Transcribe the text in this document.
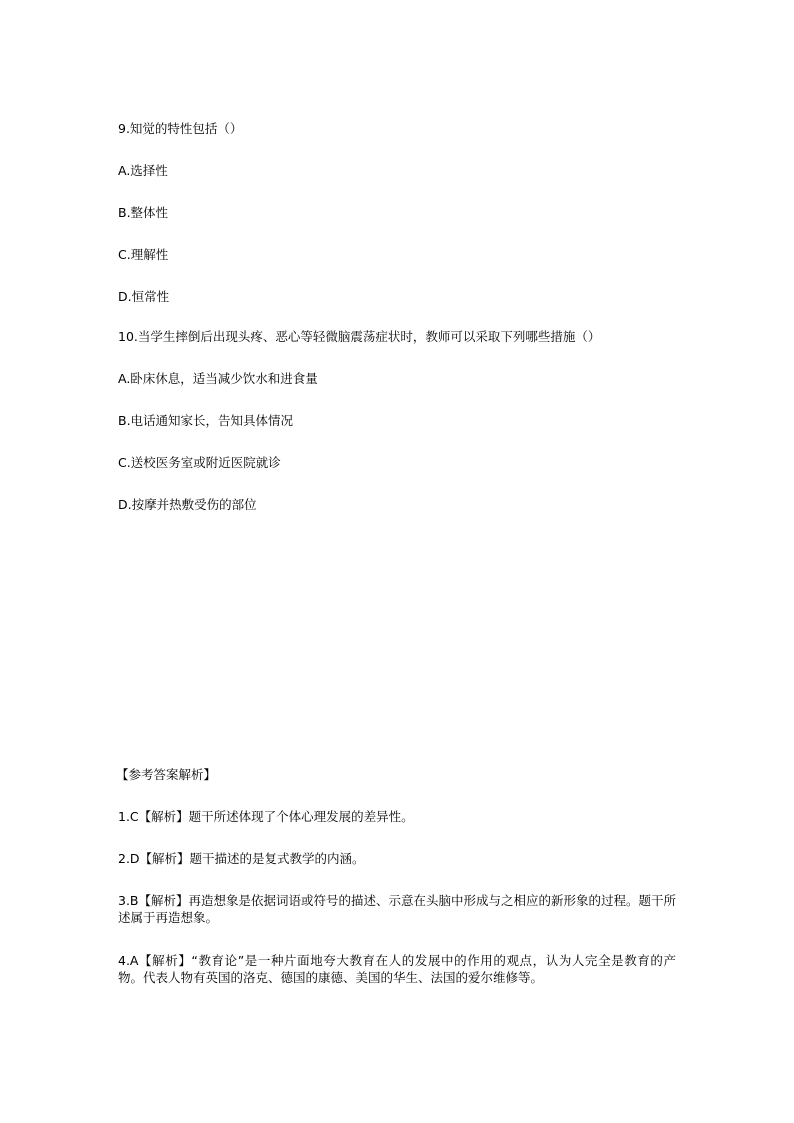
9.知觉的特性包括（）
A.选择性
B.整体性
C.理解性
D.恒常性
10.当学生摔倒后出现头疼、恶心等轻微脑震荡症状时，教师可以采取下列哪些措施（）
A.卧床休息，适当减少饮水和进食量
B.电话通知家长，告知具体情况
C.送校医务室或附近医院就诊
D.按摩并热敷受伤的部位
【参考答案解析】
1.C【解析】题干所述体现了个体心理发展的差异性。
2.D【解析】题干描述的是复式教学的内涵。
3.B【解析】再造想象是依据词语或符号的描述、示意在头脑中形成与之相应的新形象的过程。题干所述属于再造想象。
4.A【解析】“教育论”是一种片面地夸大教育在人的发展中的作用的观点，认为人完全是教育的产物。代表人物有英国的洛克、德国的康德、美国的华生、法国的爱尔维修等。
